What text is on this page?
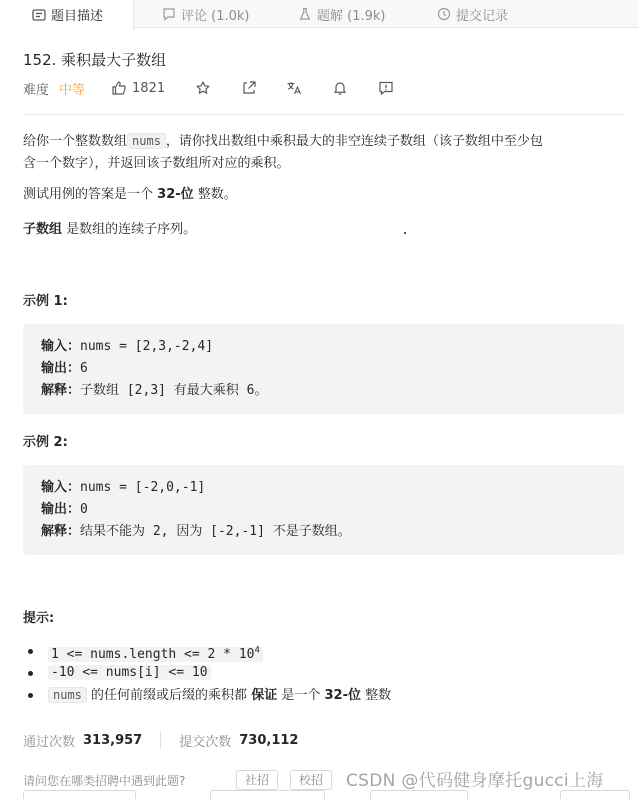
题目描述	评论 (1.0k)	题解 (1.9k)	提交记录
152. 乘积最大子数组
难度 中等	1821
给你一个整数数组 nums ，请你找出数组中乘积最大的非空连续子数组（该子数组中至少包
含一个数字），并返回该子数组所对应的乘积。
测试用例的答案是一个 32-位 整数。
子数组 是数组的连续子序列。
示例 1:
输入：nums = [2,3,-2,4]
输出：6
解释：子数组 [2,3] 有最大乘积 6。
示例 2:
输入：nums = [-2,0,-1]
输出：0
解释：结果不能为 2, 因为 [-2,-1] 不是子数组。
提示:
1 <= nums.length <= $2 * 10^4$
-10 <= nums[i] <= 10
nums 的任何前缀或后缀的乘积都 保证 是一个 32-位 整数
通过次数 313,957	提交次数 730,112
请问您在哪类招聘中遇到此题?	社招	校招	CSDN @代码健身摩托gucci上海
